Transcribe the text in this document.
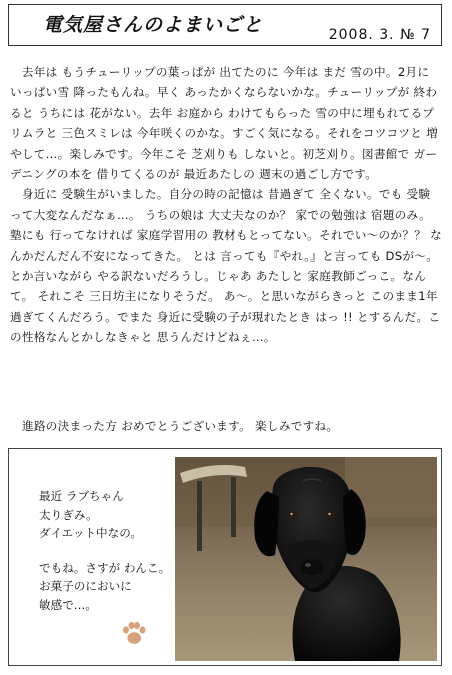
電気屋さんのよまいごと	2008. 3. № 7

　去年は もうチューリップの葉っぱが 出てたのに 今年は まだ 雪の中。2月に いっぱい雪 降ったもんね。早く あったかくならないかな。チューリップが 終わると うちには 花がない。去年 お庭から わけてもらった 雪の中に埋もれてるプリムラと 三色スミレは 今年咲くのかな。すごく気になる。それをコツコツと 増やして…。楽しみです。今年こそ 芝刈りも しないと。初芝刈り。図書館で ガーデニングの本を 借りてくるのが 最近あたしの 週末の過ごし方です。

　身近に 受験生がいました。自分の時の記憶は 昔過ぎて 全くない。でも 受験って大変なんだなぁ…。 うちの娘は 大丈夫なのか？ 家での勉強は 宿題のみ。塾にも 行ってなければ 家庭学習用の 教材もとってない。それでい～のか？？ なんかだんだん不安になってきた。 とは 言っても『やれ。』と言っても DSが～。とか言いながら やる訳ないだろうし。じゃあ あたしと 家庭教師ごっこ。なんて。 それこそ 三日坊主になりそうだ。 あ～。と思いながらきっと このまま1年過ぎてくんだろう。でまた 身近に受験の子が現れたとき はっ !! とするんだ。この性格なんとかしなきゃと 思うんだけどねぇ…。

進路の決まった方 おめでとうございます。 楽しみですね。
最近 ラブちゃん
太りぎみ。
ダイエット中なの。
でもね。さすが わんこ。
お菓子のにおいに
敏感で…。
